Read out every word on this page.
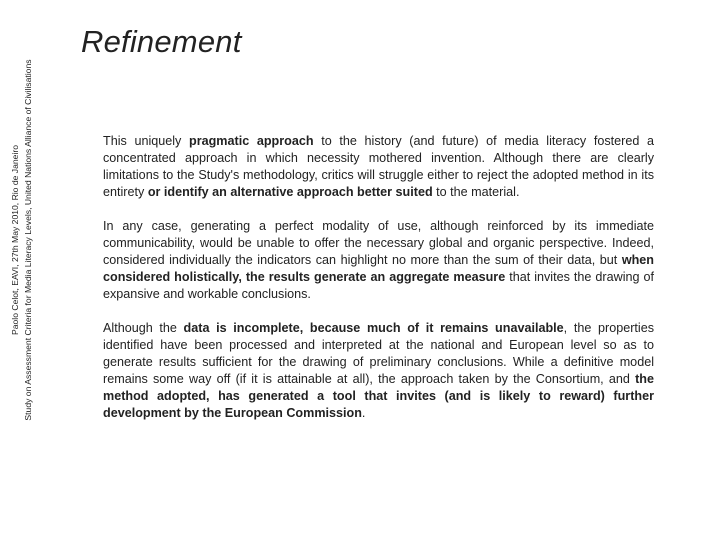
Paolo Celot, EAVI, 27th May 2010, Rio de Janeiro Study on Assessment Criteria for Media Literacy Levels, United Nations Alliance of Civilisations
Refinement

This uniquely pragmatic approach to the history (and future) of media literacy fostered a concentrated approach in which necessity mothered invention. Although there are clearly limitations to the Study's methodology, critics will struggle either to reject the adopted method in its entirety or identify an alternative approach better suited to the material.

In any case, generating a perfect modality of use, although reinforced by its immediate communicability, would be unable to offer the necessary global and organic perspective. Indeed, considered individually the indicators can highlight no more than the sum of their data, but when considered holistically, the results generate an aggregate measure that invites the drawing of expansive and workable conclusions.

Although the data is incomplete, because much of it remains unavailable, the properties identified have been processed and interpreted at the national and European level so as to generate results sufficient for the drawing of preliminary conclusions. While a definitive model remains some way off (if it is attainable at all), the approach taken by the Consortium, and the method adopted, has generated a tool that invites (and is likely to reward) further development by the European Commission.
